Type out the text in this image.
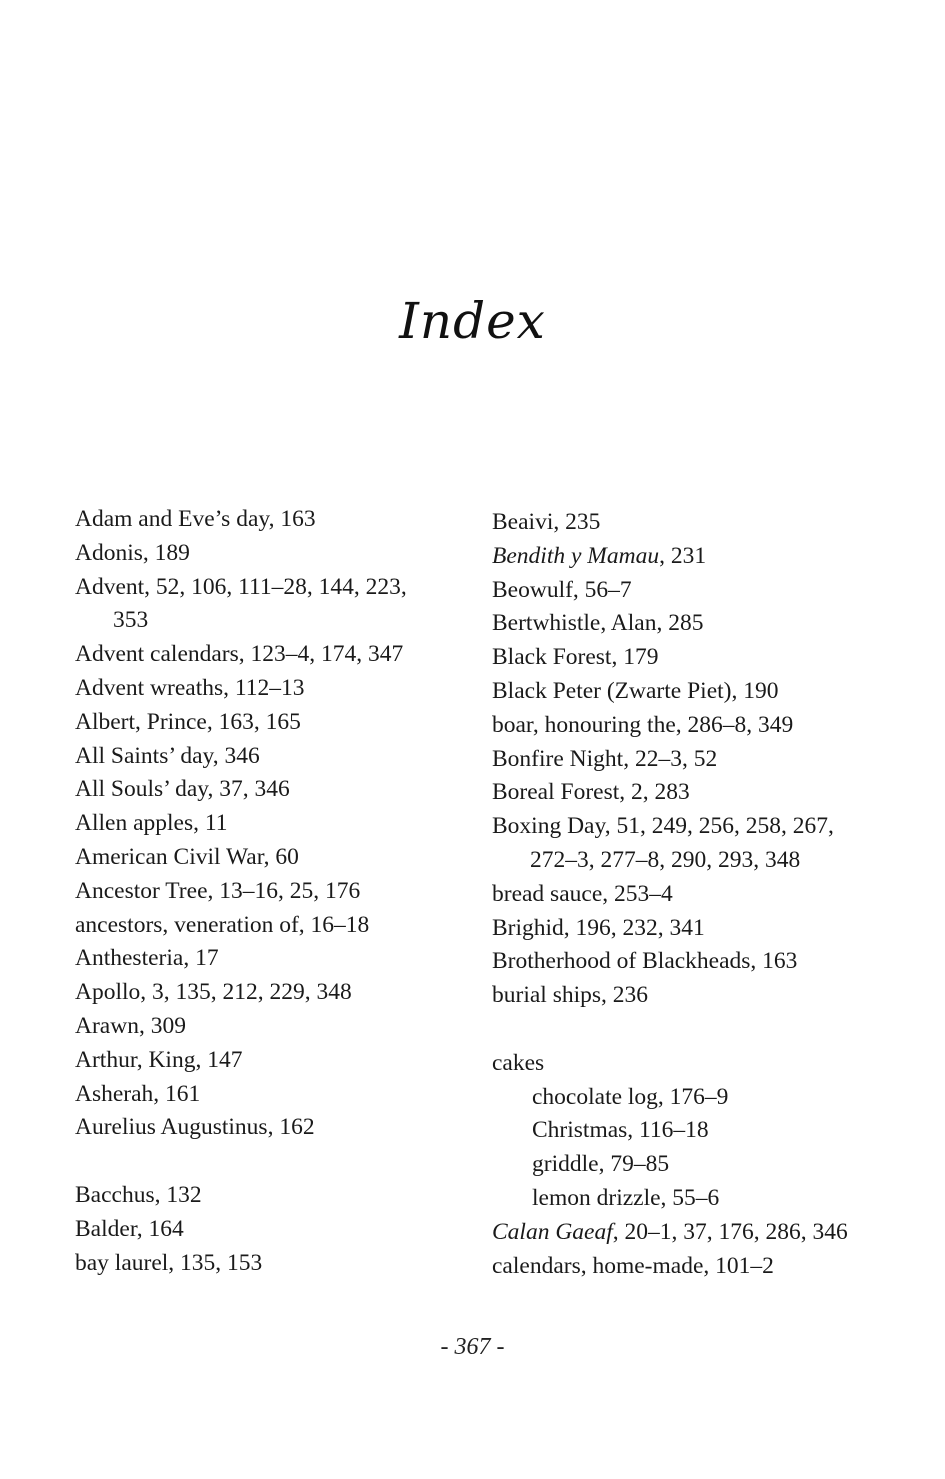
Index
Adam and Eve’s day, 163
Adonis, 189
Advent, 52, 106, 111–28, 144, 223,
353
Advent calendars, 123–4, 174, 347
Advent wreaths, 112–13
Albert, Prince, 163, 165
All Saints’ day, 346
All Souls’ day, 37, 346
Allen apples, 11
American Civil War, 60
Ancestor Tree, 13–16, 25, 176
ancestors, veneration of, 16–18
Anthesteria, 17
Apollo, 3, 135, 212, 229, 348
Arawn, 309
Arthur, King, 147
Asherah, 161
Aurelius Augustinus, 162
Bacchus, 132
Balder, 164
bay laurel, 135, 153
Beaivi, 235
Bendith y Mamau, 231
Beowulf, 56–7
Bertwhistle, Alan, 285
Black Forest, 179
Black Peter (Zwarte Piet), 190
boar, honouring the, 286–8, 349
Bonfire Night, 22–3, 52
Boreal Forest, 2, 283
Boxing Day, 51, 249, 256, 258, 267,
272–3, 277–8, 290, 293, 348
bread sauce, 253–4
Brighid, 196, 232, 341
Brotherhood of Blackheads, 163
burial ships, 236
cakes
chocolate log, 176–9
Christmas, 116–18
griddle, 79–85
lemon drizzle, 55–6
Calan Gaeaf, 20–1, 37, 176, 286, 346
calendars, home-made, 101–2
- 367 -
